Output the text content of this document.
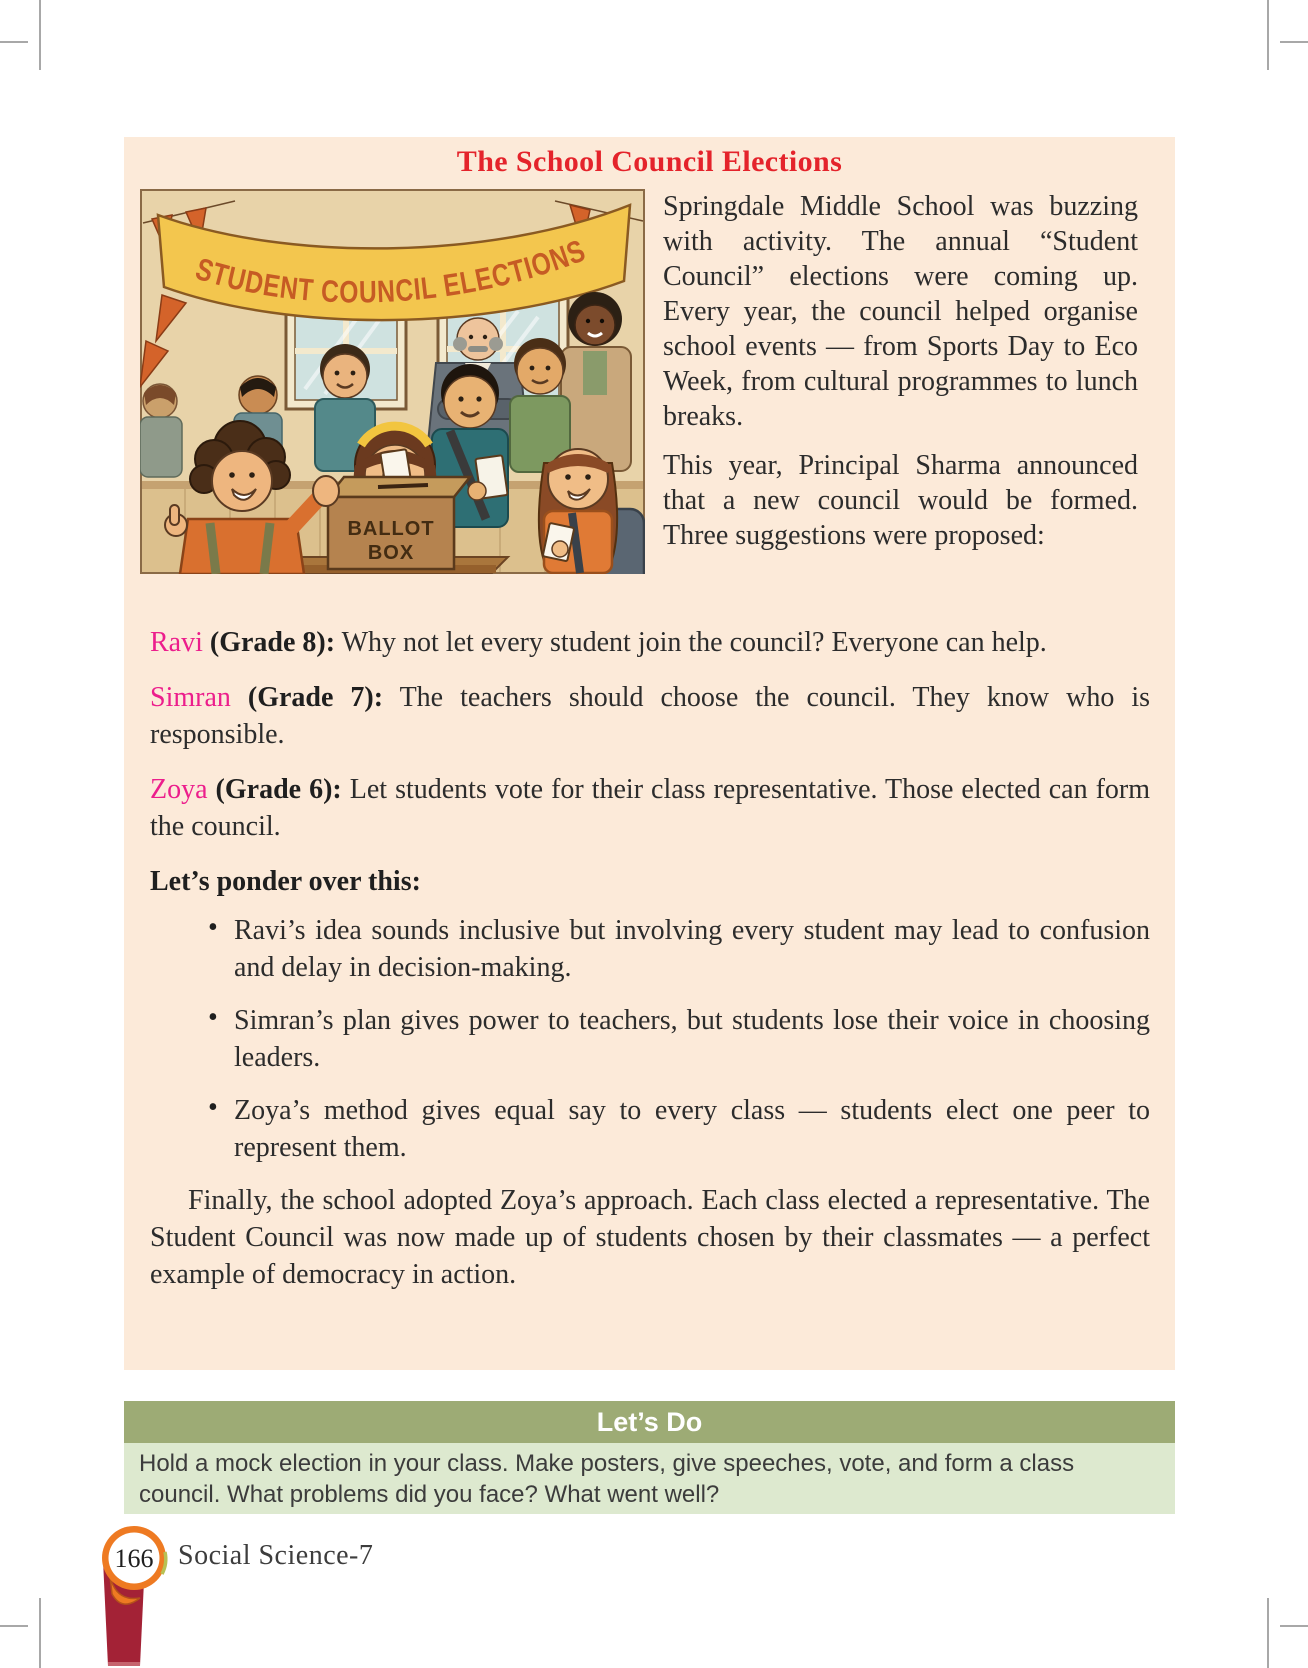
The School Council Elections
STUDENT COUNCIL ELECTIONS
BALLOT
BOX

Springdale Middle School was buzzing with activity. The annual “Student Council” elections were coming up. Every year, the council helped organise school events — from Sports Day to Eco Week, from cultural programmes to lunch breaks.

This year, Principal Sharma announced that a new council would be formed. Three suggestions were proposed:

Ravi (Grade 8): Why not let every student join the council? Everyone can help.

Simran (Grade 7): The teachers should choose the council. They know who is responsible.

Zoya (Grade 6): Let students vote for their class representative. Those elected can form the council.

Let’s ponder over this:

• Ravi’s idea sounds inclusive but involving every student may lead to confusion and delay in decision-making.
• Simran’s plan gives power to teachers, but students lose their voice in choosing leaders.
• Zoya’s method gives equal say to every class — students elect one peer to represent them.

Finally, the school adopted Zoya’s approach. Each class elected a representative. The Student Council was now made up of students chosen by their classmates — a perfect example of democracy in action.

Let’s Do
Hold a mock election in your class. Make posters, give speeches, vote, and form a class council. What problems did you face? What went well?
166 Social Science-7
